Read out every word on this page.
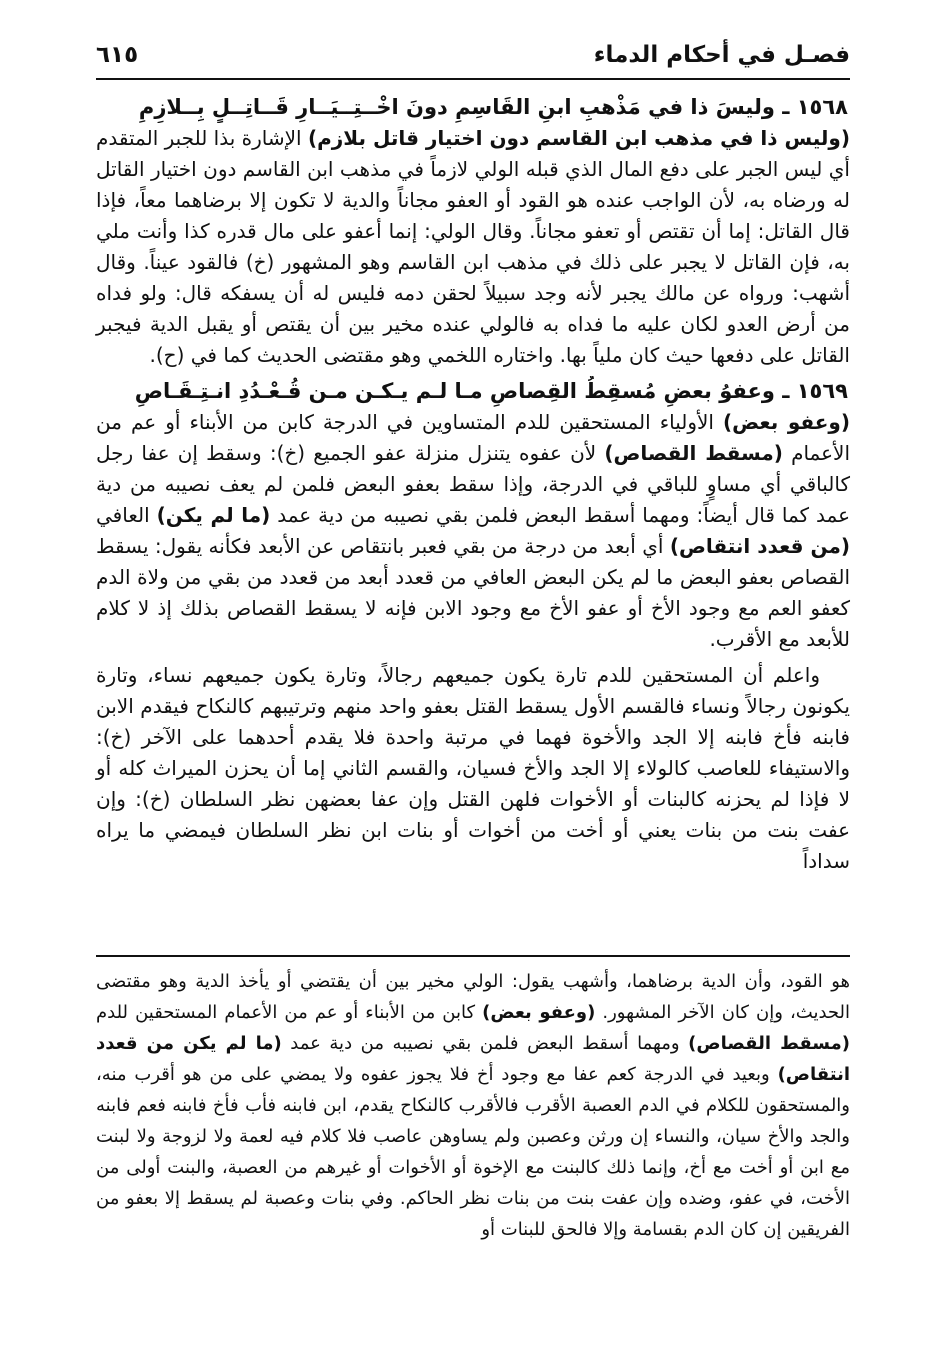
فصـل في أحكام الدماء
٦١٥
١٥٦٨ ـ وليسَ ذا في مَذْهبِ ابنِ القَاسِمِ دونَ اخْــتِــيَــارِ قَــاتِــلٍ بِــلازِمِ

(وليس ذا في مذهب ابن القاسم دون اختيار قاتل بلازم) الإشارة بذا للجبر المتقدم أي ليس الجبر على دفع المال الذي قبله الولي لازماً في مذهب ابن القاسم دون اختيار القاتل له ورضاه به، لأن الواجب عنده هو القود أو العفو مجاناً والدية لا تكون إلا برضاهما معاً، فإذا قال القاتل: إما أن تقتص أو تعفو مجاناً. وقال الولي: إنما أعفو على مال قدره كذا وأنت ملي به، فإن القاتل لا يجبر على ذلك في مذهب ابن القاسم وهو المشهور (خ) فالقود عيناً. وقال أشهب: ورواه عن مالك يجبر لأنه وجد سبيلاً لحقن دمه فليس له أن يسفكه قال: ولو فداه من أرض العدو لكان عليه ما فداه به فالولي عنده مخير بين أن يقتص أو يقبل الدية فيجبر القاتل على دفعها حيث كان ملياً بها. واختاره اللخمي وهو مقتضى الحديث كما في (ح).

١٥٦٩ ـ وعفوُ بعضِ مُسقِطُ القِصاصِ مـا لـم يـكـن مـن قُـعْـدُدِ انـتِـقَـاصِ

(وعفو بعض) الأولياء المستحقين للدم المتساوين في الدرجة كابن من الأبناء أو عم من الأعمام (مسقط القصاص) لأن عفوه يتنزل منزلة عفو الجميع (خ): وسقط إن عفا رجل كالباقي أي مساوٍ للباقي في الدرجة، وإذا سقط بعفو البعض فلمن لم يعف نصيبه من دية عمد كما قال أيضاً: ومهما أسقط البعض فلمن بقي نصيبه من دية عمد (ما لم يكن) العافي (من قعدد انتقاص) أي أبعد من درجة من بقي فعبر بانتقاص عن الأبعد فكأنه يقول: يسقط القصاص بعفو البعض ما لم يكن البعض العافي من قعدد أبعد من قعدد من بقي من ولاة الدم كعفو العم مع وجود الأخ أو عفو الأخ مع وجود الابن فإنه لا يسقط القصاص بذلك إذ لا كلام للأبعد مع الأقرب.

واعلم أن المستحقين للدم تارة يكون جميعهم رجالاً، وتارة يكون جميعهم نساء، وتارة يكونون رجالاً ونساء فالقسم الأول يسقط القتل بعفو واحد منهم وترتيبهم كالنكاح فيقدم الابن فابنه فأخ فابنه إلا الجد والأخوة فهما في مرتبة واحدة فلا يقدم أحدهما على الآخر (خ): والاستيفاء للعاصب كالولاء إلا الجد والأخ فسيان، والقسم الثاني إما أن يحزن الميراث كله أو لا فإذا لم يحزنه كالبنات أو الأخوات فلهن القتل وإن عفا بعضهن نظر السلطان (خ): وإن عفت بنت من بنات يعني أو أخت من أخوات أو بنات ابن نظر السلطان فيمضي ما يراه سداداً

هو القود، وأن الدية برضاهما، وأشهب يقول: الولي مخير بين أن يقتضي أو يأخذ الدية وهو مقتضى الحديث، وإن كان الآخر المشهور. (وعفو بعض) كابن من الأبناء أو عم من الأعمام المستحقين للدم (مسقط القصاص) ومهما أسقط البعض فلمن بقي نصيبه من دية عمد (ما لم يكن من قعدد انتقاص) وبعيد في الدرجة كعم عفا مع وجود أخ فلا يجوز عفوه ولا يمضي على من هو أقرب منه، والمستحقون للكلام في الدم العصبة الأقرب فالأقرب كالنكاح يقدم، ابن فابنه فأب فأخ فابنه فعم فابنه والجد والأخ سيان، والنساء إن ورثن وعصبن ولم يساوهن عاصب فلا كلام فيه لعمة ولا لزوجة ولا لبنت مع ابن أو أخت مع أخ، وإنما ذلك كالبنت مع الإخوة أو الأخوات أو غيرهم من العصبة، والبنت أولى من الأخت، في عفو، وضده وإن عفت بنت من بنات نظر الحاكم. وفي بنات وعصبة لم يسقط إلا بعفو من الفريقين إن كان الدم بقسامة وإلا فالحق للبنات أو
